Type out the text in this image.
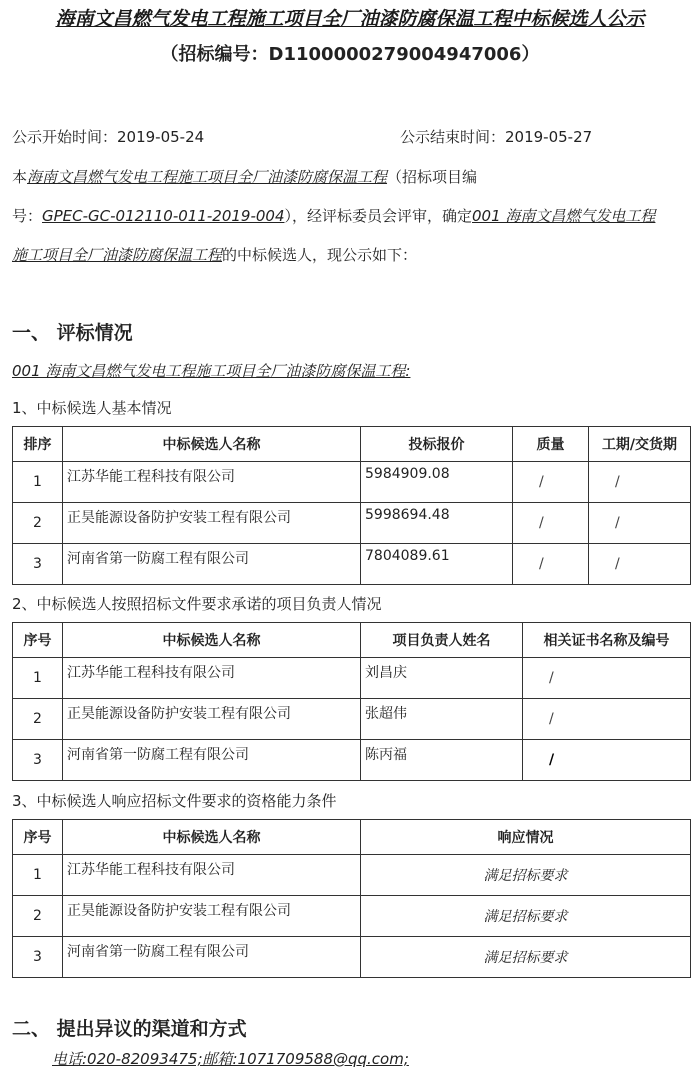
海南文昌燃气发电工程施工项目全厂油漆防腐保温工程中标候选人公示
（招标编号：D1100000279004947006）
公示开始时间：2019-05-24	公示结束时间：2019-05-27
本海南文昌燃气发电工程施工项目全厂油漆防腐保温工程（招标项目编
号：GPEC-GC-012110-011-2019-004），经评标委员会评审，确定001 海南文昌燃气发电工程
施工项目全厂油漆防腐保温工程的中标候选人，现公示如下：
一、 评标情况
001 海南文昌燃气发电工程施工项目全厂油漆防腐保温工程:
1、中标候选人基本情况
排序	中标候选人名称	投标报价	质量	工期/交货期
1	江苏华能工程科技有限公司	5984909.08	/	/
2	正昊能源设备防护安装工程有限公司	5998694.48	/	/
3	河南省第一防腐工程有限公司	7804089.61	/	/
2、中标候选人按照招标文件要求承诺的项目负责人情况
序号	中标候选人名称	项目负责人姓名	相关证书名称及编号
1	江苏华能工程科技有限公司	刘昌庆	/
2	正昊能源设备防护安装工程有限公司	张超伟	/
3	河南省第一防腐工程有限公司	陈丙福	/
3、中标候选人响应招标文件要求的资格能力条件
序号	中标候选人名称	响应情况
1	江苏华能工程科技有限公司	满足招标要求
2	正昊能源设备防护安装工程有限公司	满足招标要求
3	河南省第一防腐工程有限公司	满足招标要求
二、 提出异议的渠道和方式
电话:020-82093475;邮箱:1071709588@qq.com;
